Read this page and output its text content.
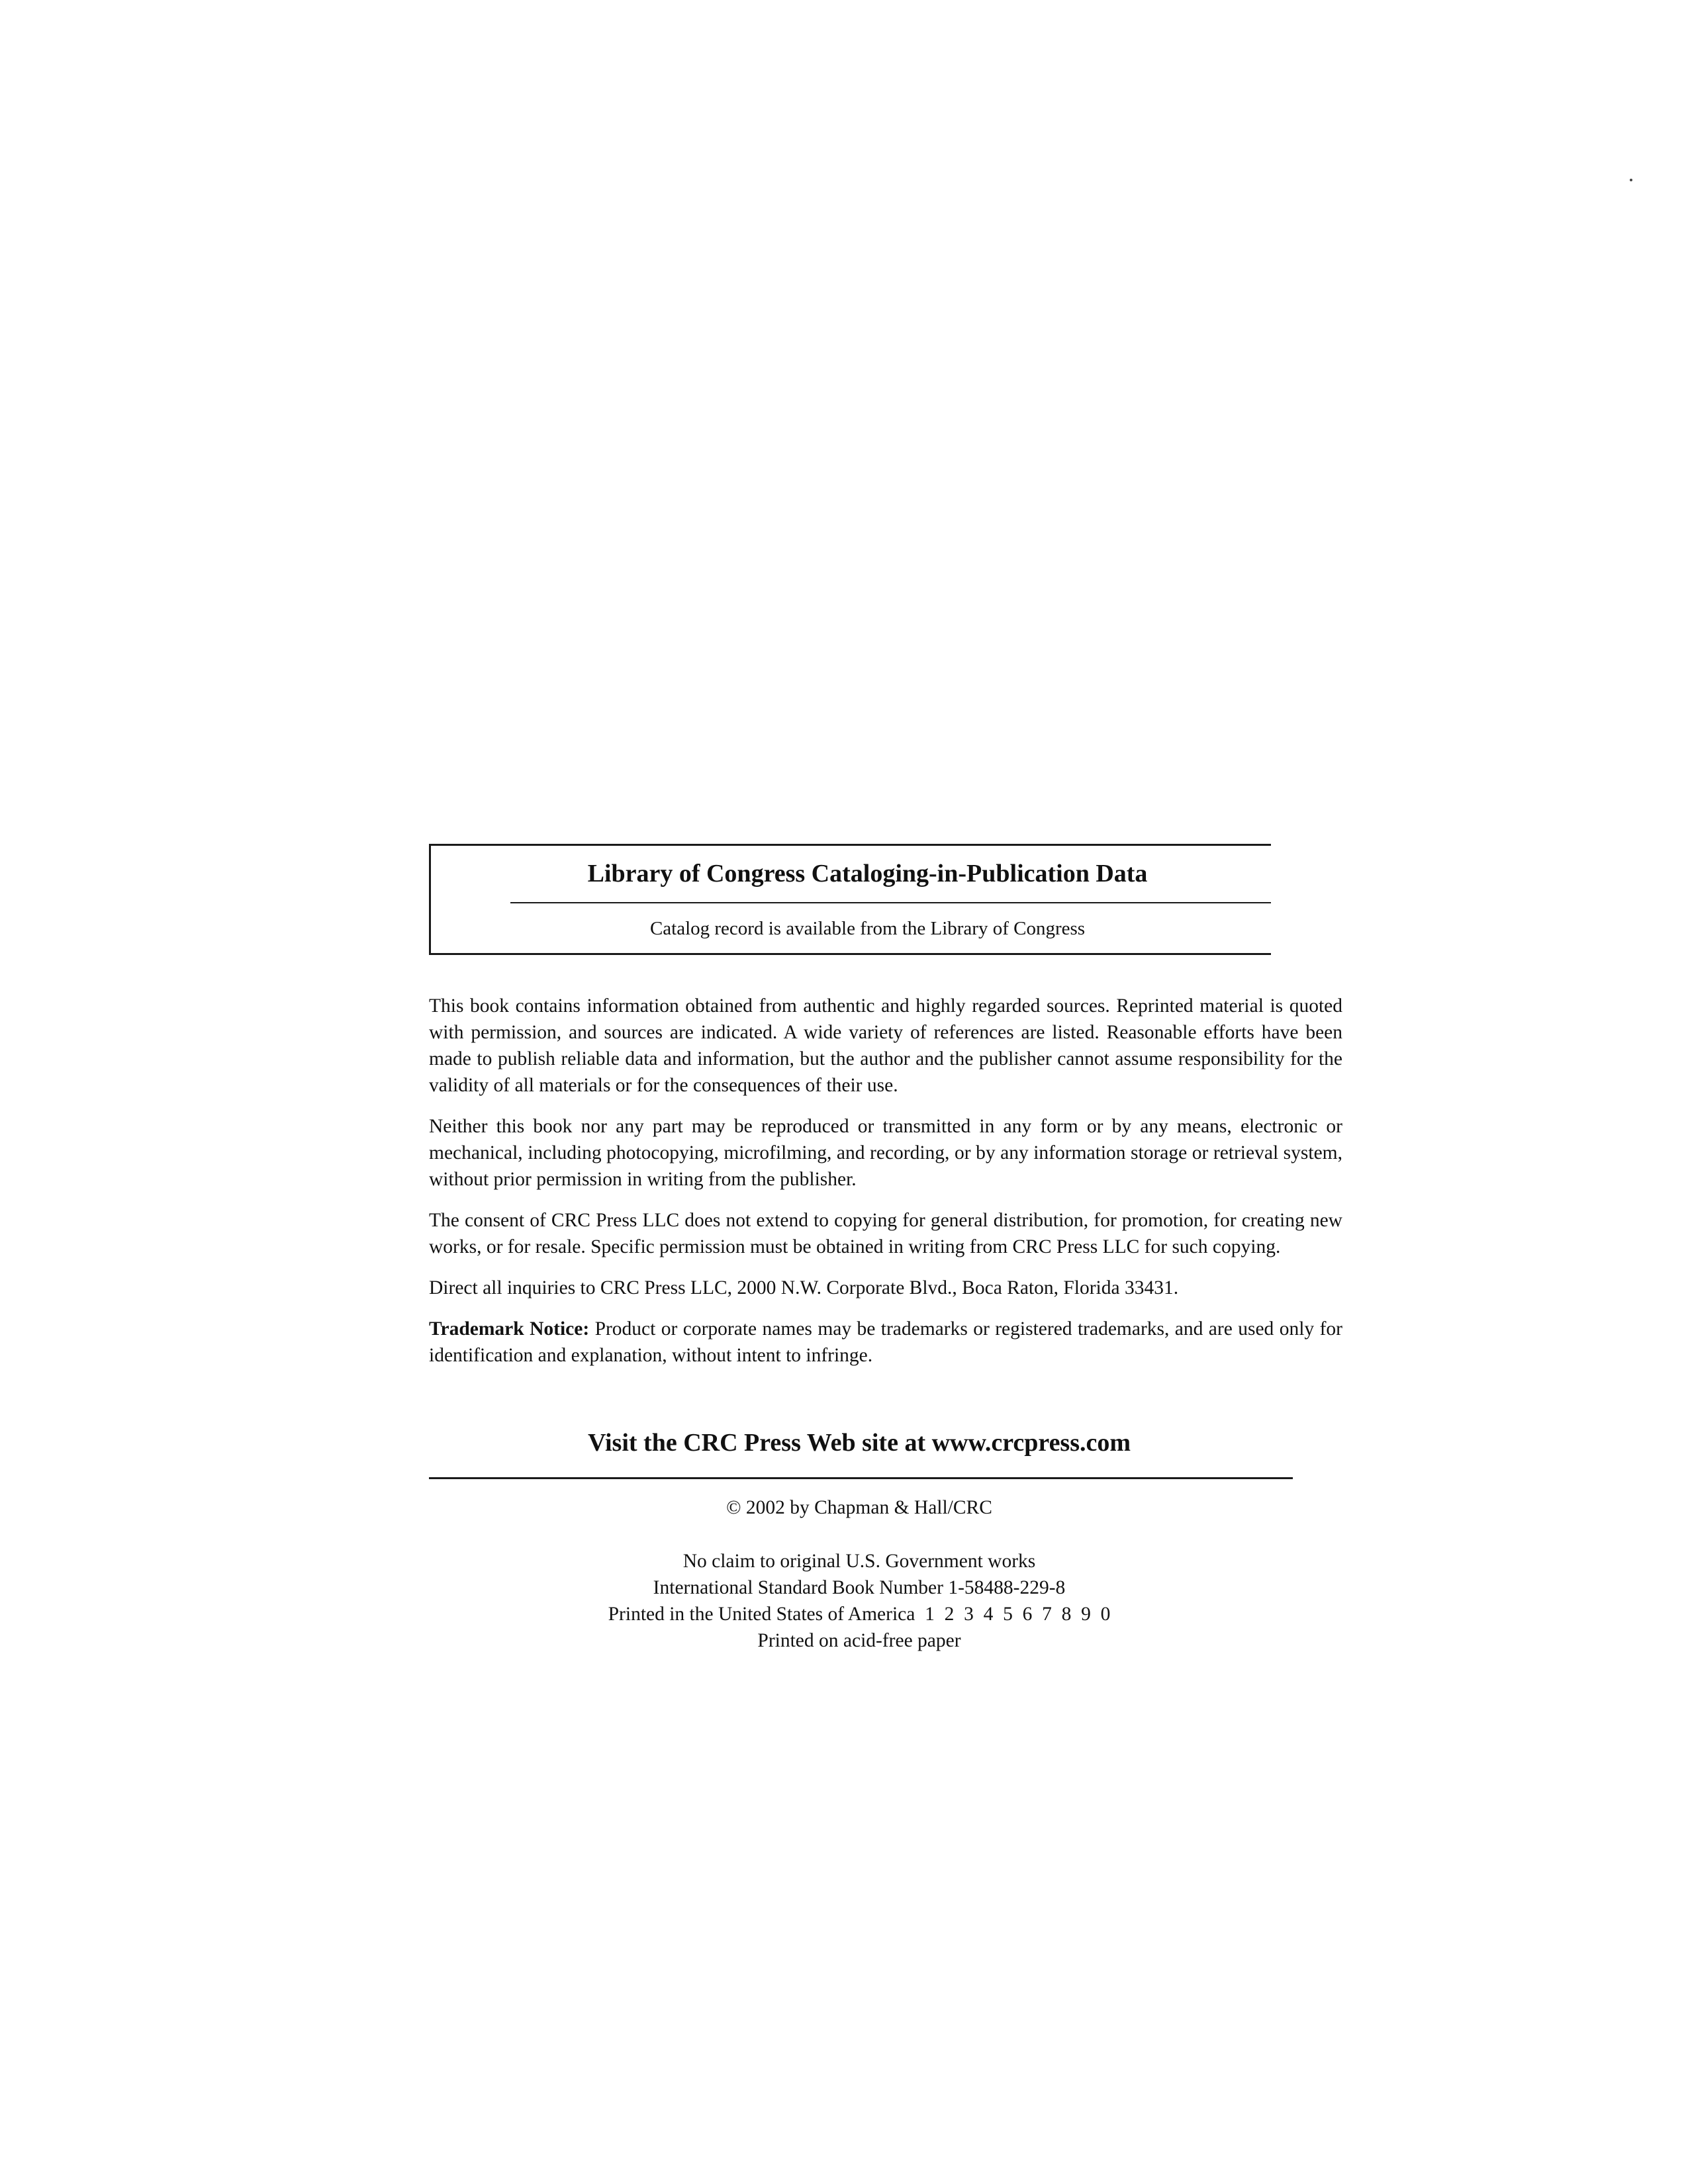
Library of Congress Cataloging-in-Publication Data
Catalog record is available from the Library of Congress

This book contains information obtained from authentic and highly regarded sources. Reprinted material is quoted with permission, and sources are indicated. A wide variety of references are listed. Reasonable efforts have been made to publish reliable data and information, but the author and the publisher cannot assume responsibility for the validity of all materials or for the consequences of their use.

Neither this book nor any part may be reproduced or transmitted in any form or by any means, electronic or mechanical, including photocopying, microfilming, and recording, or by any information storage or retrieval system, without prior permission in writing from the publisher.

The consent of CRC Press LLC does not extend to copying for general distribution, for promotion, for creating new works, or for resale. Specific permission must be obtained in writing from CRC Press LLC for such copying.

Direct all inquiries to CRC Press LLC, 2000 N.W. Corporate Blvd., Boca Raton, Florida 33431.

Trademark Notice: Product or corporate names may be trademarks or registered trademarks, and are used only for identification and explanation, without intent to infringe.

Visit the CRC Press Web site at www.crcpress.com
© 2002 by Chapman & Hall/CRC
No claim to original U.S. Government works
International Standard Book Number 1-58488-229-8
Printed in the United States of America  1  2  3  4  5  6  7  8  9  0
Printed on acid-free paper
